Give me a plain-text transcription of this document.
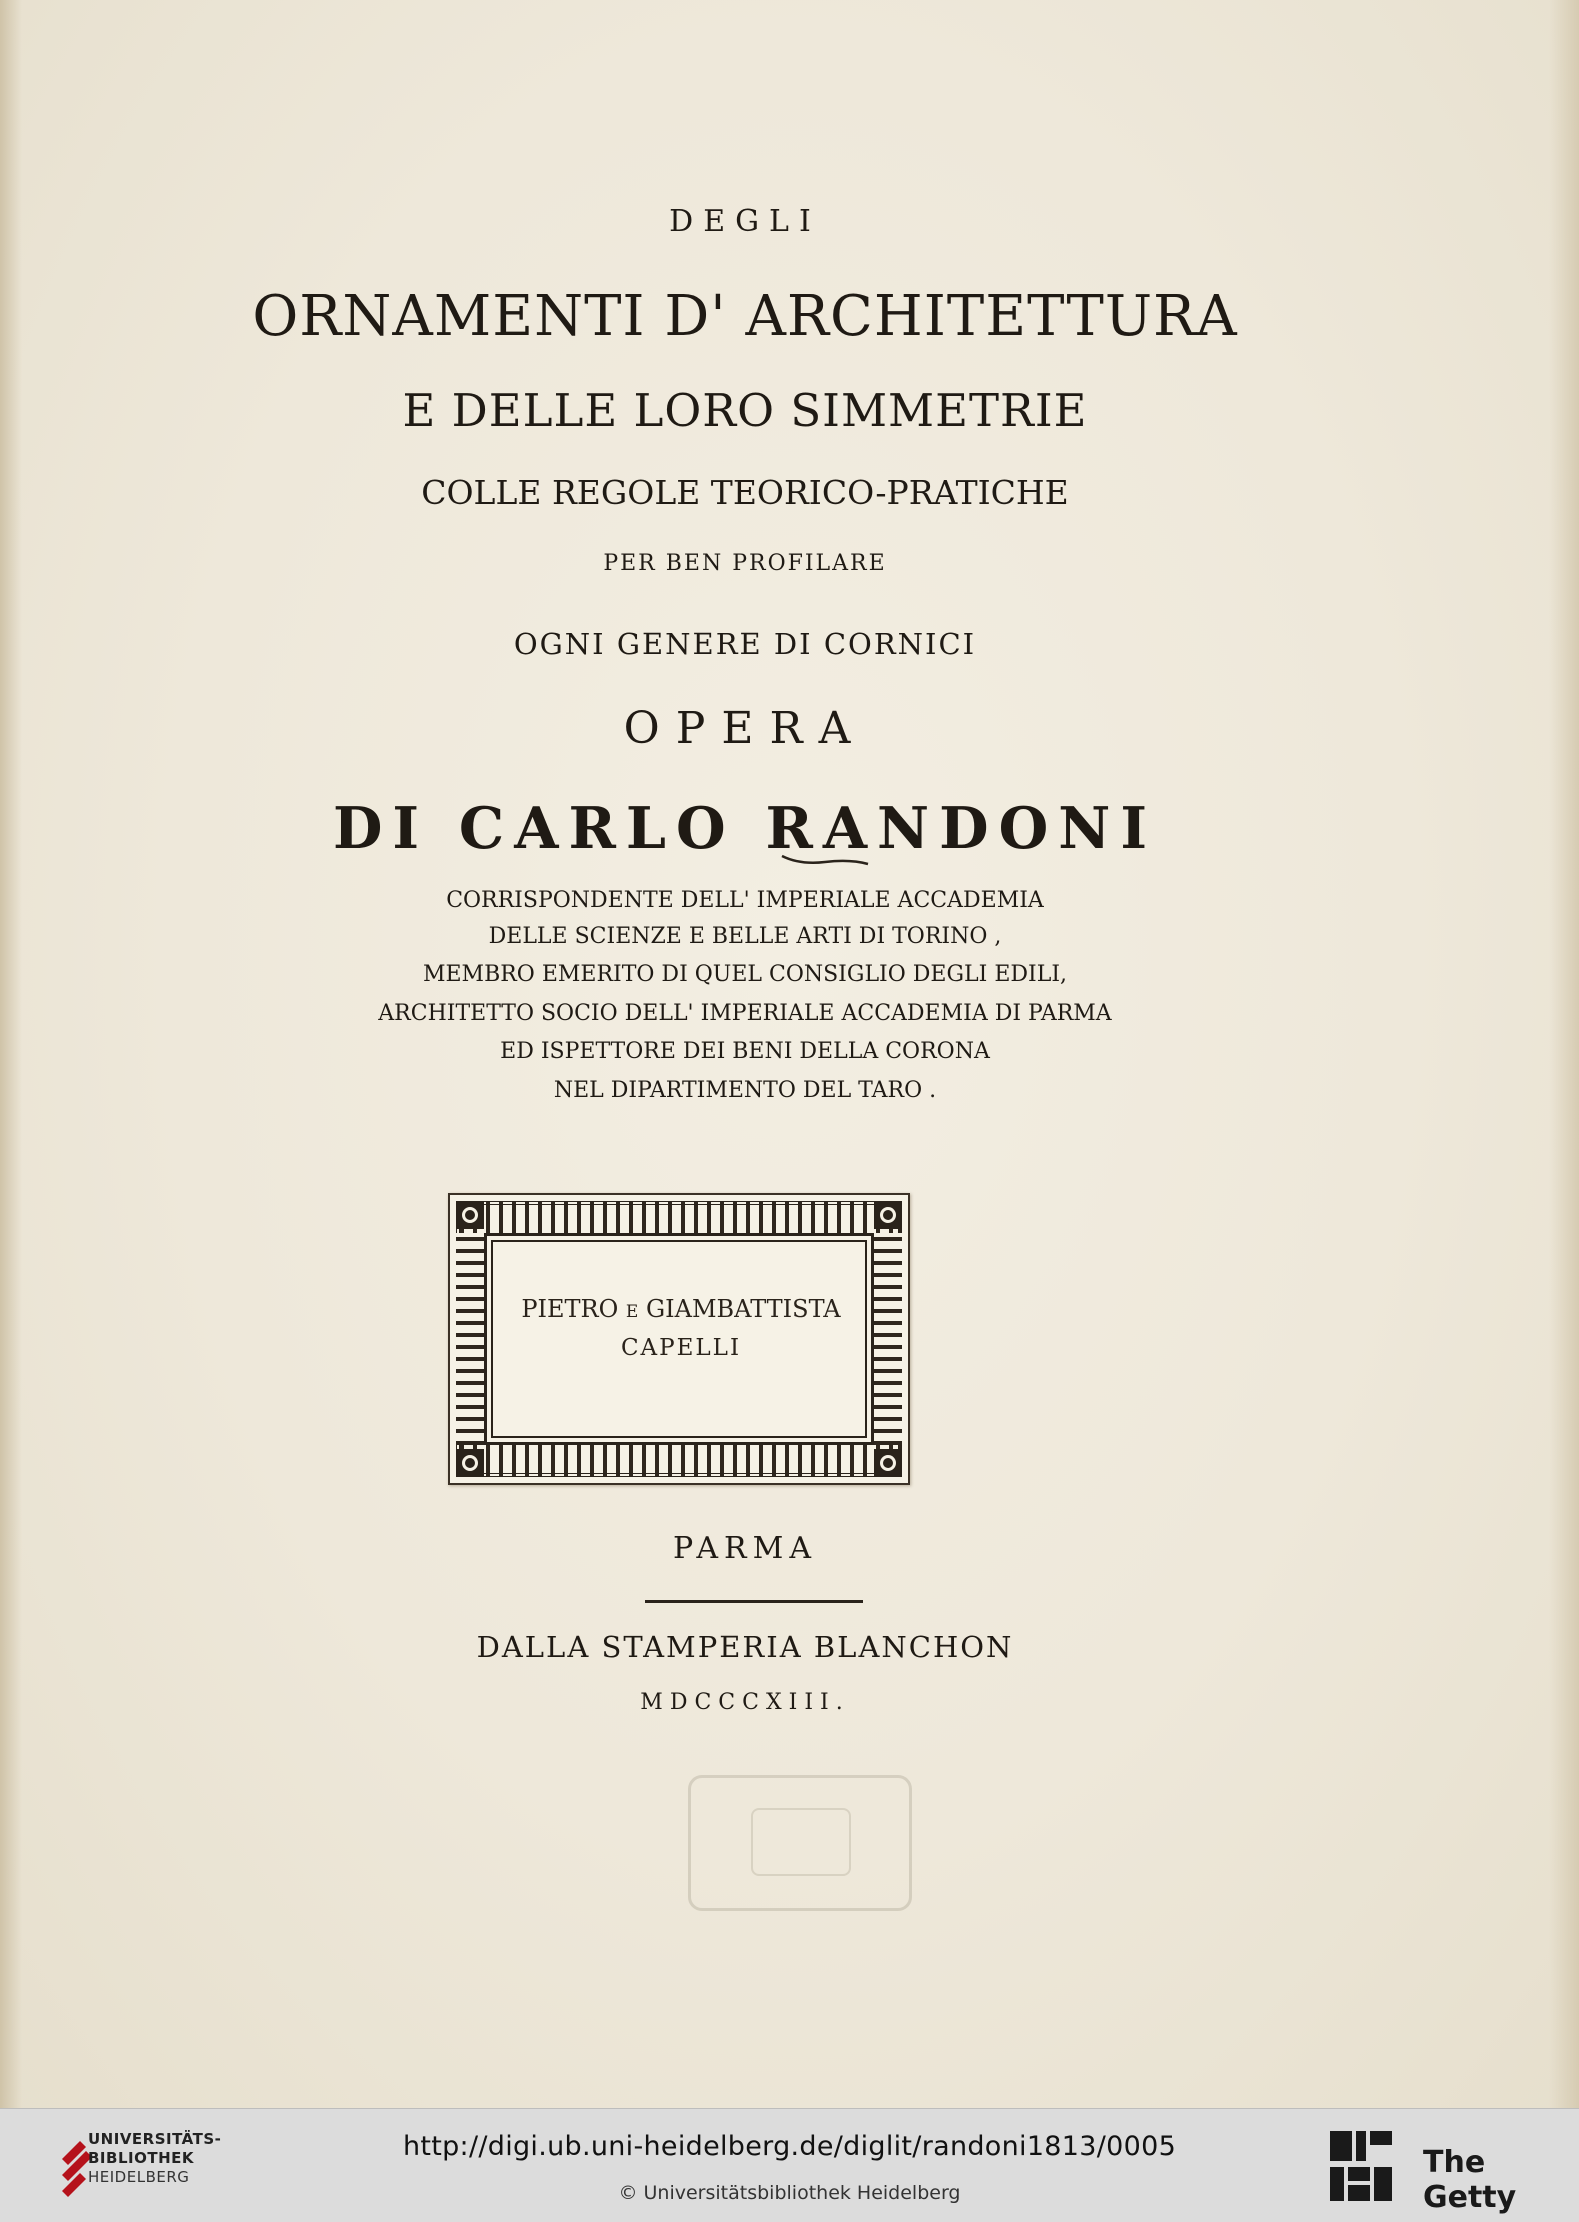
DEGLI
ORNAMENTI D' ARCHITETTURA
E DELLE LORO SIMMETRIE
COLLE REGOLE TEORICO-PRATICHE
PER BEN PROFILARE
OGNI GENERE DI CORNICI
OPERA
DI CARLO RANDONI
CORRISPONDENTE DELL' IMPERIALE ACCADEMIA
DELLE SCIENZE E BELLE ARTI DI TORINO ,
MEMBRO EMERITO DI QUEL CONSIGLIO DEGLI EDILI,
ARCHITETTO SOCIO DELL' IMPERIALE ACCADEMIA DI PARMA
ED ISPETTORE DEI BENI DELLA CORONA
NEL DIPARTIMENTO DEL TARO .
PIETRO E GIAMBATTISTA
CAPELLI
PARMA
DALLA STAMPERIA BLANCHON
MDCCCXIII.
UNIVERSITÄTS-
BIBLIOTHEK
HEIDELBERG
http://digi.ub.uni-heidelberg.de/diglit/randoni1813/0005
© Universitätsbibliothek Heidelberg
The Getty
